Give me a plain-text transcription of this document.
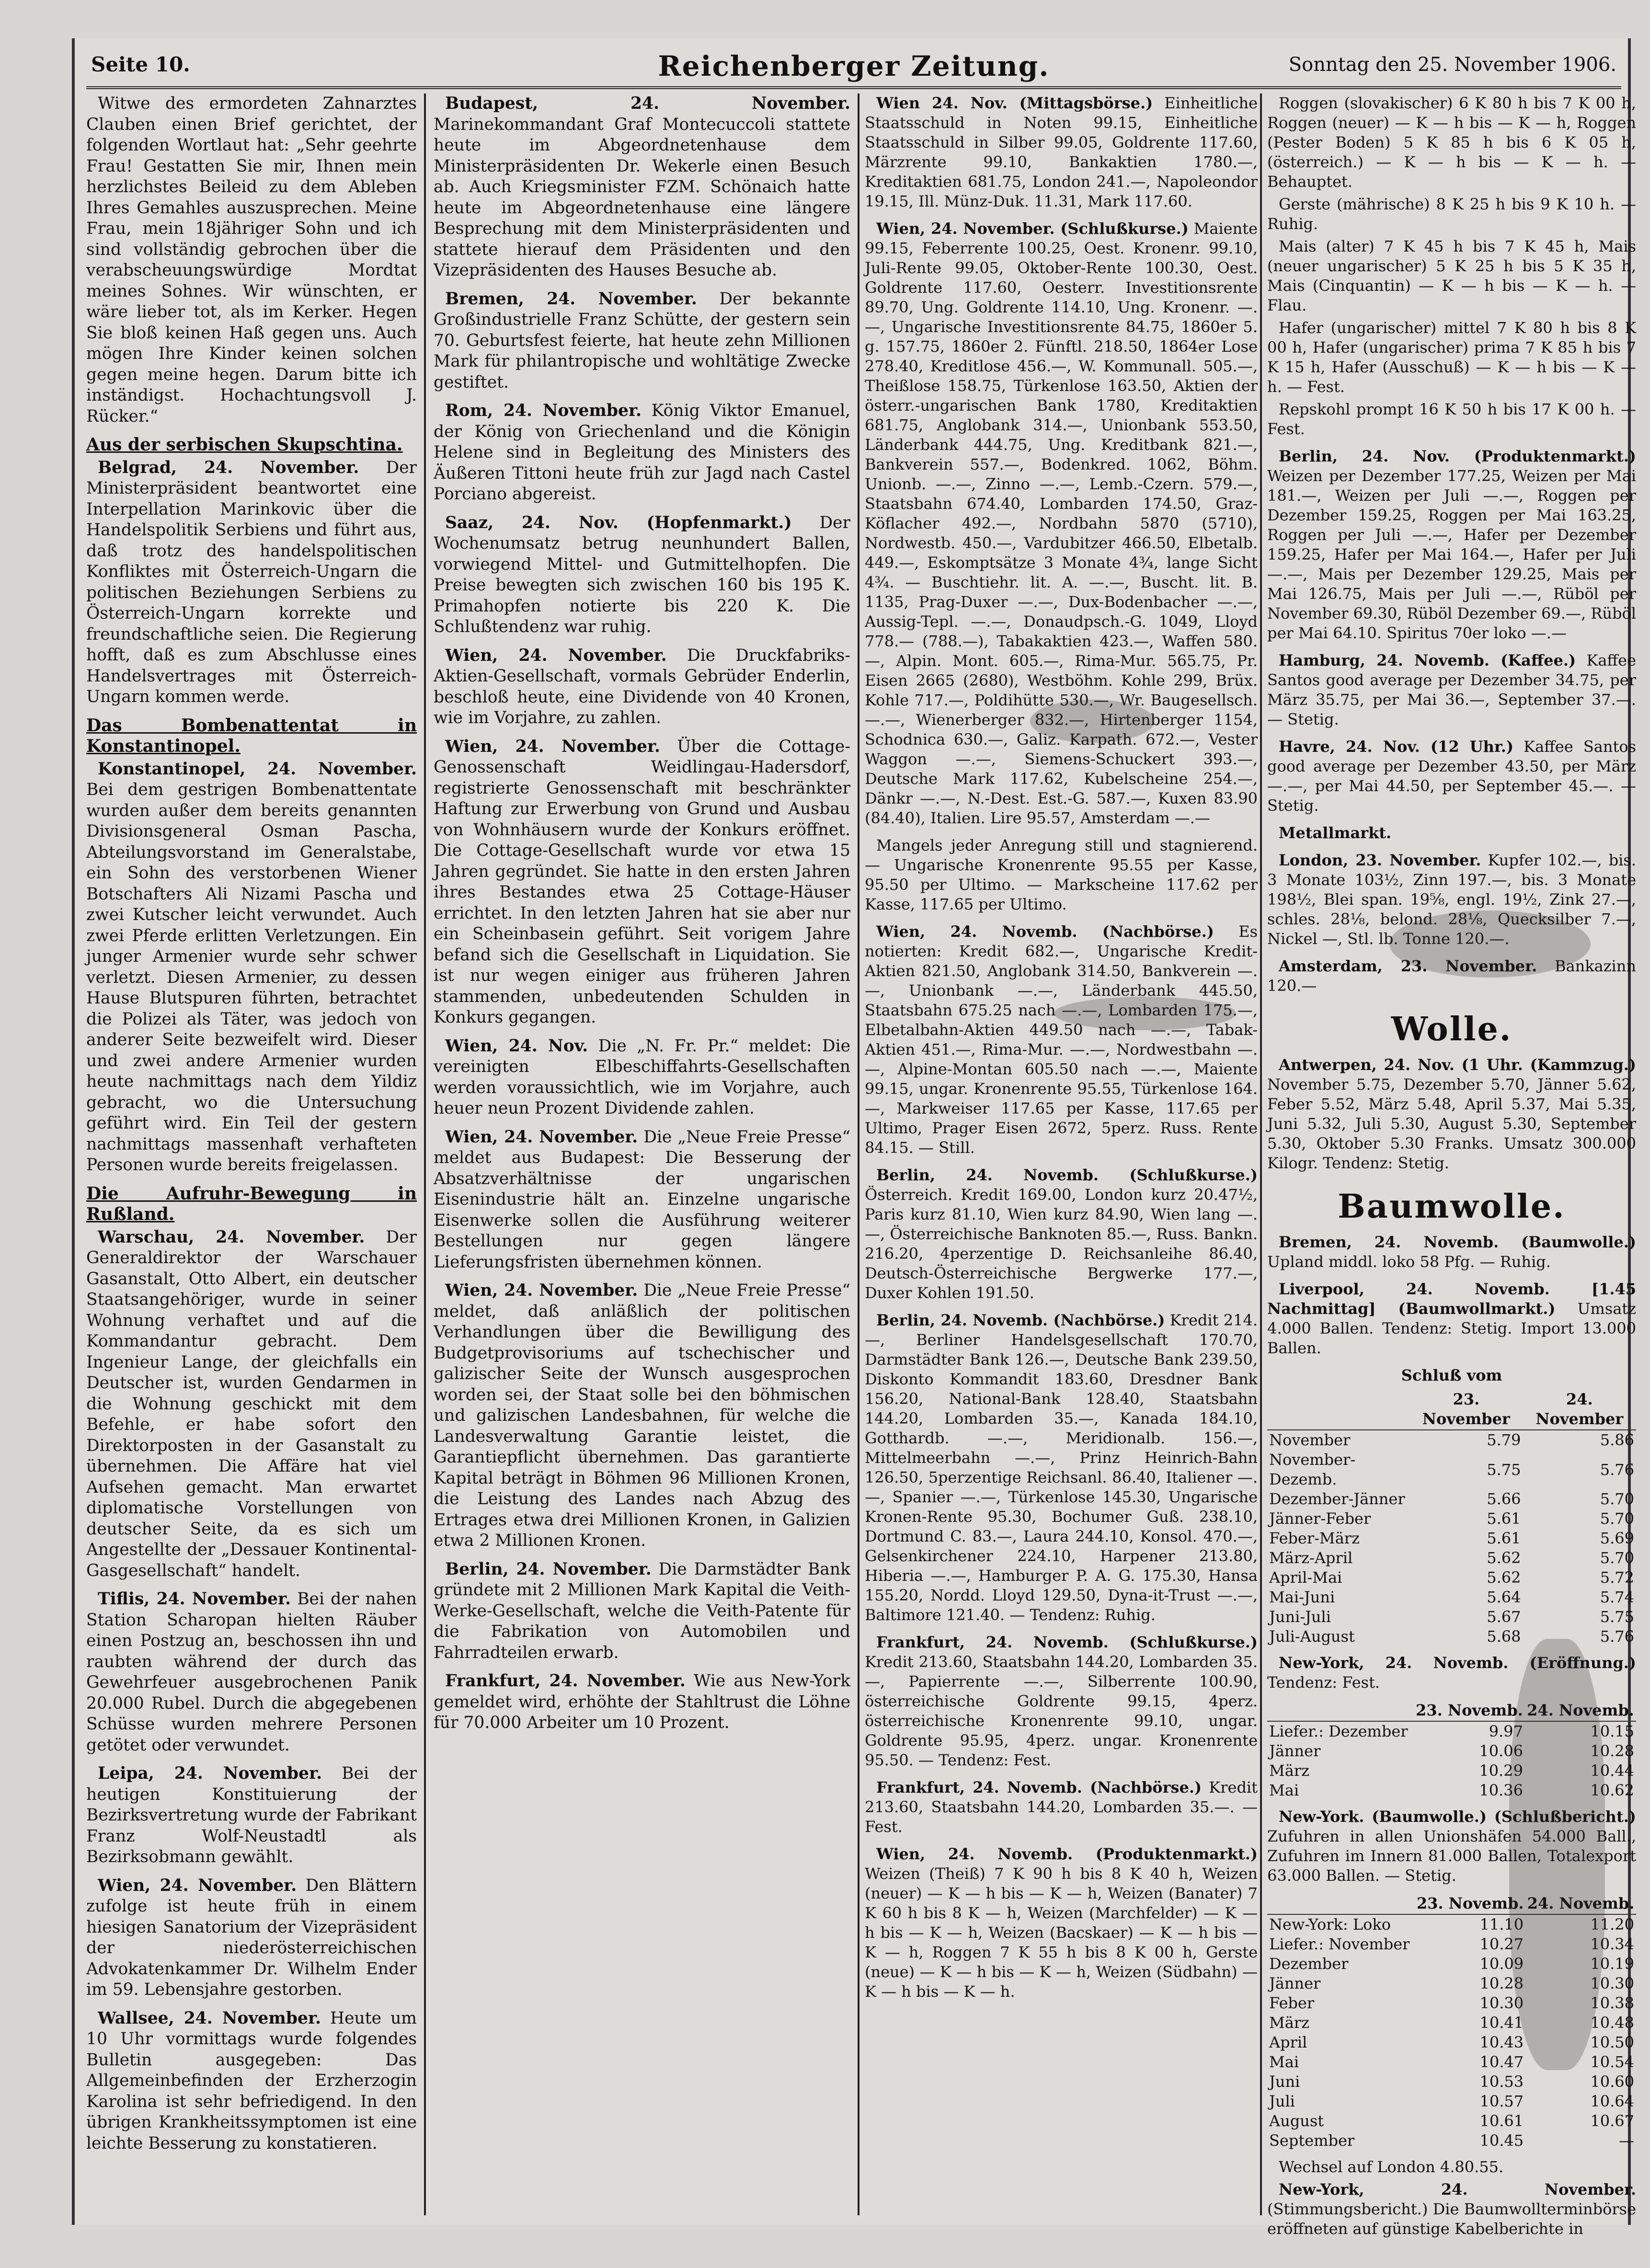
Seite 10.	Reichenberger Zeitung.	Sonntag den 25. November 1906.

Witwe des ermordeten Zahnarztes Clauben einen Brief gerichtet, der folgenden Wortlaut hat: „Sehr geehrte Frau! Gestatten Sie mir, Ihnen mein herzlichstes Beileid zu dem Ableben Ihres Gemahles auszusprechen. Meine Frau, mein 18jähriger Sohn und ich sind vollständig gebrochen über die verabscheuungswürdige Mordtat meines Sohnes. Wir wünschten, er wäre lieber tot, als im Kerker. Hegen Sie bloß keinen Haß gegen uns. Auch mögen Ihre Kinder keinen solchen gegen meine hegen. Darum bitte ich inständigst. Hochachtungsvoll J. Rücker.“

Aus der serbischen Skupschtina.

Belgrad, 24. November. Der Ministerpräsident beantwortet eine Interpellation Marinkovic über die Handelspolitik Serbiens und führt aus, daß trotz des handelspolitischen Konfliktes mit Österreich-Ungarn die politischen Beziehungen Serbiens zu Österreich-Ungarn korrekte und freundschaftliche seien. Die Regierung hofft, daß es zum Abschlusse eines Handelsvertrages mit Österreich-Ungarn kommen werde.

Das Bombenattentat in Konstantinopel.

Konstantinopel, 24. November. Bei dem gestrigen Bombenattentate wurden außer dem bereits genannten Divisionsgeneral Osman Pascha, Abteilungsvorstand im Generalstabe, ein Sohn des verstorbenen Wiener Botschafters Ali Nizami Pascha und zwei Kutscher leicht verwundet. Auch zwei Pferde erlitten Verletzungen. Ein junger Armenier wurde sehr schwer verletzt. Diesen Armenier, zu dessen Hause Blutspuren führten, betrachtet die Polizei als Täter, was jedoch von anderer Seite bezweifelt wird. Dieser und zwei andere Armenier wurden heute nachmittags nach dem Yildiz gebracht, wo die Untersuchung geführt wird. Ein Teil der gestern nachmittags massenhaft verhafteten Personen wurde bereits freigelassen.

Die Aufruhr-Bewegung in Rußland.

Warschau, 24. November. Der Generaldirektor der Warschauer Gasanstalt, Otto Albert, ein deutscher Staatsangehöriger, wurde in seiner Wohnung verhaftet und auf die Kommandantur gebracht. Dem Ingenieur Lange, der gleichfalls ein Deutscher ist, wurden Gendarmen in die Wohnung geschickt mit dem Befehle, er habe sofort den Direktorposten in der Gasanstalt zu übernehmen. Die Affäre hat viel Aufsehen gemacht. Man erwartet diplomatische Vorstellungen von deutscher Seite, da es sich um Angestellte der „Dessauer Kontinental-Gasgesellschaft“ handelt.

Tiflis, 24. November. Bei der nahen Station Scharopan hielten Räuber einen Postzug an, beschossen ihn und raubten während der durch das Gewehrfeuer ausgebrochenen Panik 20.000 Rubel. Durch die abgegebenen Schüsse wurden mehrere Personen getötet oder verwundet.

Leipa, 24. November. Bei der heutigen Konstituierung der Bezirksvertretung wurde der Fabrikant Franz Wolf-Neustadtl als Bezirksobmann gewählt.

Wien, 24. November. Den Blättern zufolge ist heute früh in einem hiesigen Sanatorium der Vizepräsident der niederösterreichischen Advokatenkammer Dr. Wilhelm Ender im 59. Lebensjahre gestorben.

Wallsee, 24. November. Heute um 10 Uhr vormittags wurde folgendes Bulletin ausgegeben: Das Allgemeinbefinden der Erzherzogin Karolina ist sehr befriedigend. In den übrigen Krankheitssymptomen ist eine leichte Besserung zu konstatieren.

Budapest, 24. November. Marinekommandant Graf Montecuccoli stattete heute im Abgeordnetenhause dem Ministerpräsidenten Dr. Wekerle einen Besuch ab. Auch Kriegsminister FZM. Schönaich hatte heute im Abgeordnetenhause eine längere Besprechung mit dem Ministerpräsidenten und stattete hierauf dem Präsidenten und den Vizepräsidenten des Hauses Besuche ab.

Bremen, 24. November. Der bekannte Großindustrielle Franz Schütte, der gestern sein 70. Geburtsfest feierte, hat heute zehn Millionen Mark für philantropische und wohltätige Zwecke gestiftet.

Rom, 24. November. König Viktor Emanuel, der König von Griechenland und die Königin Helene sind in Begleitung des Ministers des Äußeren Tittoni heute früh zur Jagd nach Castel Porciano abgereist.

Saaz, 24. Nov. (Hopfenmarkt.) Der Wochenumsatz betrug neunhundert Ballen, vorwiegend Mittel- und Gutmittelhopfen. Die Preise bewegten sich zwischen 160 bis 195 K. Primahopfen notierte bis 220 K. Die Schlußtendenz war ruhig.

Wien, 24. November. Die Druckfabriks-Aktien-Gesellschaft, vormals Gebrüder Enderlin, beschloß heute, eine Dividende von 40 Kronen, wie im Vorjahre, zu zahlen.

Wien, 24. November. Über die Cottage-Genossenschaft Weidlingau-Hadersdorf, registrierte Genossenschaft mit beschränkter Haftung zur Erwerbung von Grund und Ausbau von Wohnhäusern wurde der Konkurs eröffnet. Die Cottage-Gesellschaft wurde vor etwa 15 Jahren gegründet. Sie hatte in den ersten Jahren ihres Bestandes etwa 25 Cottage-Häuser errichtet. In den letzten Jahren hat sie aber nur ein Scheinbasein geführt. Seit vorigem Jahre befand sich die Gesellschaft in Liquidation. Sie ist nur wegen einiger aus früheren Jahren stammenden, unbedeutenden Schulden in Konkurs gegangen.

Wien, 24. Nov. Die „N. Fr. Pr.“ meldet: Die vereinigten Elbeschiffahrts-Gesellschaften werden voraussichtlich, wie im Vorjahre, auch heuer neun Prozent Dividende zahlen.

Wien, 24. November. Die „Neue Freie Presse“ meldet aus Budapest: Die Besserung der Absatzverhältnisse der ungarischen Eisenindustrie hält an. Einzelne ungarische Eisenwerke sollen die Ausführung weiterer Bestellungen nur gegen längere Lieferungsfristen übernehmen können.

Wien, 24. November. Die „Neue Freie Presse“ meldet, daß anläßlich der politischen Verhandlungen über die Bewilligung des Budgetprovisoriums auf tschechischer und galizischer Seite der Wunsch ausgesprochen worden sei, der Staat solle bei den böhmischen und galizischen Landesbahnen, für welche die Landesverwaltung Garantie leistet, die Garantiepflicht übernehmen. Das garantierte Kapital beträgt in Böhmen 96 Millionen Kronen, die Leistung des Landes nach Abzug des Ertrages etwa drei Millionen Kronen, in Galizien etwa 2 Millionen Kronen.

Berlin, 24. November. Die Darmstädter Bank gründete mit 2 Millionen Mark Kapital die Veith-Werke-Gesellschaft, welche die Veith-Patente für die Fabrikation von Automobilen und Fahrradteilen erwarb.

Frankfurt, 24. November. Wie aus New-York gemeldet wird, erhöhte der Stahltrust die Löhne für 70.000 Arbeiter um 10 Prozent.

Wien 24. Nov. (Mittagsbörse.) Einheitliche Staatsschuld in Noten 99.15, Einheitliche Staatsschuld in Silber 99.05, Goldrente 117.60, Märzrente 99.10, Bankaktien 1780.—, Kreditaktien 681.75, London 241.—, Napoleondor 19.15, Ill. Münz-Duk. 11.31, Mark 117.60.

Wien, 24. November. (Schlußkurse.) Maiente 99.15, Feberrente 100.25, Oest. Kronenr. 99.10, Juli-Rente 99.05, Oktober-Rente 100.30, Oest. Goldrente 117.60, Oesterr. Investitionsrente 89.70, Ung. Goldrente 114.10, Ung. Kronenr. —.—, Ungarische Investitionsrente 84.75, 1860er 5. g. 157.75, 1860er 2. Fünftl. 218.50, 1864er Lose 278.40, Kreditlose 456.—, W. Kommunall. 505.—, Theißlose 158.75, Türkenlose 163.50, Aktien der österr.-ungarischen Bank 1780, Kreditaktien 681.75, Anglobank 314.—, Unionbank 553.50, Länderbank 444.75, Ung. Kreditbank 821.—, Bankverein 557.—, Bodenkred. 1062, Böhm. Unionb. —.—, Zinno —.—, Lemb.-Czern. 579.—, Staatsbahn 674.40, Lombarden 174.50, Graz-Köflacher 492.—, Nordbahn 5870 (5710), Nordwestb. 450.—, Vardubitzer 466.50, Elbetalb. 449.—, Eskomptsätze 3 Monate 4¾, lange Sicht 4¾. — Buschtiehr. lit. A. —.—, Buscht. lit. B. 1135, Prag-Duxer —.—, Dux-Bodenbacher —.—, Aussig-Tepl. —.—, Donaudpsch.-G. 1049, Lloyd 778.— (788.—), Tabakaktien 423.—, Waffen 580.—, Alpin. Mont. 605.—, Rima-Mur. 565.75, Pr. Eisen 2665 (2680), Westböhm. Kohle 299, Brüx. Kohle 717.—, Poldihütte 530.—, Wr. Baugesellsch. —.—, Wienerberger 832.—, Hirtenberger 1154, Schodnica 630.—, Galiz. Karpath. 672.—, Vester Waggon —.—, Siemens-Schuckert 393.—, Deutsche Mark 117.62, Kubelscheine 254.—, Dänkr —.—, N.-Dest. Est.-G. 587.—, Kuxen 83.90 (84.40), Italien. Lire 95.57, Amsterdam —.—

Mangels jeder Anregung still und stagnierend. — Ungarische Kronenrente 95.55 per Kasse, 95.50 per Ultimo. — Markscheine 117.62 per Kasse, 117.65 per Ultimo.

Wien, 24. Novemb. (Nachbörse.) Es notierten: Kredit 682.—, Ungarische Kredit-Aktien 821.50, Anglobank 314.50, Bankverein —.—, Unionbank —.—, Länderbank 445.50, Staatsbahn 675.25 nach —.—, Lombarden 175.—, Elbetalbahn-Aktien 449.50 nach —.—, Tabak-Aktien 451.—, Rima-Mur. —.—, Nordwestbahn —.—, Alpine-Montan 605.50 nach —.—, Maiente 99.15, ungar. Kronenrente 95.55, Türkenlose 164.—, Markweiser 117.65 per Kasse, 117.65 per Ultimo, Prager Eisen 2672, 5perz. Russ. Rente 84.15. — Still.

Berlin, 24. Novemb. (Schlußkurse.) Österreich. Kredit 169.00, London kurz 20.47½, Paris kurz 81.10, Wien kurz 84.90, Wien lang —.—, Österreichische Banknoten 85.—, Russ. Bankn. 216.20, 4perzentige D. Reichsanleihe 86.40, Deutsch-Österreichische Bergwerke 177.—, Duxer Kohlen 191.50.

Berlin, 24. Novemb. (Nachbörse.) Kredit 214.—, Berliner Handelsgesellschaft 170.70, Darmstädter Bank 126.—, Deutsche Bank 239.50, Diskonto Kommandit 183.60, Dresdner Bank 156.20, National-Bank 128.40, Staatsbahn 144.20, Lombarden 35.—, Kanada 184.10, Gotthardb. —.—, Meridionalb. 156.—, Mittelmeerbahn —.—, Prinz Heinrich-Bahn 126.50, 5perzentige Reichsanl. 86.40, Italiener —.—, Spanier —.—, Türkenlose 145.30, Ungarische Kronen-Rente 95.30, Bochumer Guß. 238.10, Dortmund C. 83.—, Laura 244.10, Konsol. 470.—, Gelsenkirchener 224.10, Harpener 213.80, Hiberia —.—, Hamburger P. A. G. 175.30, Hansa 155.20, Nordd. Lloyd 129.50, Dyna-it-Trust —.—, Baltimore 121.40. — Tendenz: Ruhig.

Frankfurt, 24. Novemb. (Schlußkurse.) Kredit 213.60, Staatsbahn 144.20, Lombarden 35.—, Papierrente —.—, Silberrente 100.90, österreichische Goldrente 99.15, 4perz. österreichische Kronenrente 99.10, ungar. Goldrente 95.95, 4perz. ungar. Kronenrente 95.50. — Tendenz: Fest.

Frankfurt, 24. Novemb. (Nachbörse.) Kredit 213.60, Staatsbahn 144.20, Lombarden 35.—. — Fest.

Wien, 24. Novemb. (Produktenmarkt.) Weizen (Theiß) 7 K 90 h bis 8 K 40 h, Weizen (neuer) — K — h bis — K — h, Weizen (Banater) 7 K 60 h bis 8 K — h, Weizen (Marchfelder) — K — h bis — K — h, Weizen (Bacskaer) — K — h bis — K — h, Roggen 7 K 55 h bis 8 K 00 h, Gerste (neue) — K — h bis — K — h, Weizen (Südbahn) — K — h bis — K — h.

Roggen (slovakischer) 6 K 80 h bis 7 K 00 h, Roggen (neuer) — K — h bis — K — h, Roggen (Pester Boden) 5 K 85 h bis 6 K 05 h, (österreich.) — K — h bis — K — h. — Behauptet.

Gerste (mährische) 8 K 25 h bis 9 K 10 h. — Ruhig.

Mais (alter) 7 K 45 h bis 7 K 45 h, Mais (neuer ungarischer) 5 K 25 h bis 5 K 35 h, Mais (Cinquantin) — K — h bis — K — h. — Flau.

Hafer (ungarischer) mittel 7 K 80 h bis 8 K 00 h, Hafer (ungarischer) prima 7 K 85 h bis 7 K 15 h, Hafer (Ausschuß) — K — h bis — K — h. — Fest.

Repskohl prompt 16 K 50 h bis 17 K 00 h. — Fest.

Berlin, 24. Nov. (Produktenmarkt.) Weizen per Dezember 177.25, Weizen per Mai 181.—, Weizen per Juli —.—, Roggen per Dezember 159.25, Roggen per Mai 163.25, Roggen per Juli —.—, Hafer per Dezember 159.25, Hafer per Mai 164.—, Hafer per Juli —.—, Mais per Dezember 129.25, Mais per Mai 126.75, Mais per Juli —.—, Rüböl per November 69.30, Rüböl Dezember 69.—, Rüböl per Mai 64.10. Spiritus 70er loko —.—

Hamburg, 24. Novemb. (Kaffee.) Kaffee Santos good average per Dezember 34.75, per März 35.75, per Mai 36.—, September 37.—. — Stetig.

Havre, 24. Nov. (12 Uhr.) Kaffee Santos good average per Dezember 43.50, per März —.—, per Mai 44.50, per September 45.—. — Stetig.

Metallmarkt.

London, 23. November. Kupfer 102.—, bis. 3 Monate 103½, Zinn 197.—, bis. 3 Monate 198½, Blei span. 19⅝, engl. 19½, Zink 27.—, schles. 28⅛, belond. 28⅛, Quecksilber 7.—, Nickel —, Stl. lb. Tonne 120.—.

Amsterdam, 23. November. Bankazinn 120.—

Wolle.

Antwerpen, 24. Nov. (1 Uhr. (Kammzug.) November 5.75, Dezember 5.70, Jänner 5.62, Feber 5.52, März 5.48, April 5.37, Mai 5.35, Juni 5.32, Juli 5.30, August 5.30, September 5.30, Oktober 5.30 Franks. Umsatz 300.000 Kilogr. Tendenz: Stetig.

Baumwolle.

Bremen, 24. Novemb. (Baumwolle.) Upland middl. loko 58 Pfg. — Ruhig.

Liverpool, 24. Novemb. [1.45 Nachmittag] (Baumwollmarkt.) Umsatz 4.000 Ballen. Tendenz: Stetig. Import 13.000 Ballen.

Schluß vom
	23. November	24. November
November	5.79	5.86
November-Dezemb.	5.75	5.76
Dezember-Jänner	5.66	5.70
Jänner-Feber	5.61	5.70
Feber-März	5.61	5.69
März-April	5.62	5.70
April-Mai	5.62	5.72
Mai-Juni	5.64	5.74
Juni-Juli	5.67	5.75
Juli-August	5.68	5.76

New-York, 24. Novemb. (Eröffnung.) Tendenz: Fest.

	23. Novemb.	24. Novemb.
Liefer.: Dezember	9.97	10.15
Jänner	10.06	10.28
März	10.29	10.44
Mai	10.36	10.62

New-York. (Baumwolle.) (Schlußbericht.) Zufuhren in allen Unionshäfen 54.000 Ball., Zufuhren im Innern 81.000 Ballen, Totalexport 63.000 Ballen. — Stetig.

	23. Novemb.	24. Novemb.
New-York: Loko	11.10	11.20
Liefer.: November	10.27	10.34
Dezember	10.09	10.19
Jänner	10.28	10.30
Feber	10.30	10.38
März	10.41	10.48
April	10.43	10.50
Mai	10.47	10.54
Juni	10.53	10.60
Juli	10.57	10.64
August	10.61	10.67
September	10.45	—

Wechsel auf London 4.80.55.

New-York, 24. November. (Stimmungsbericht.) Die Baumwollterminbörse eröffneten auf günstige Kabelberichte in
